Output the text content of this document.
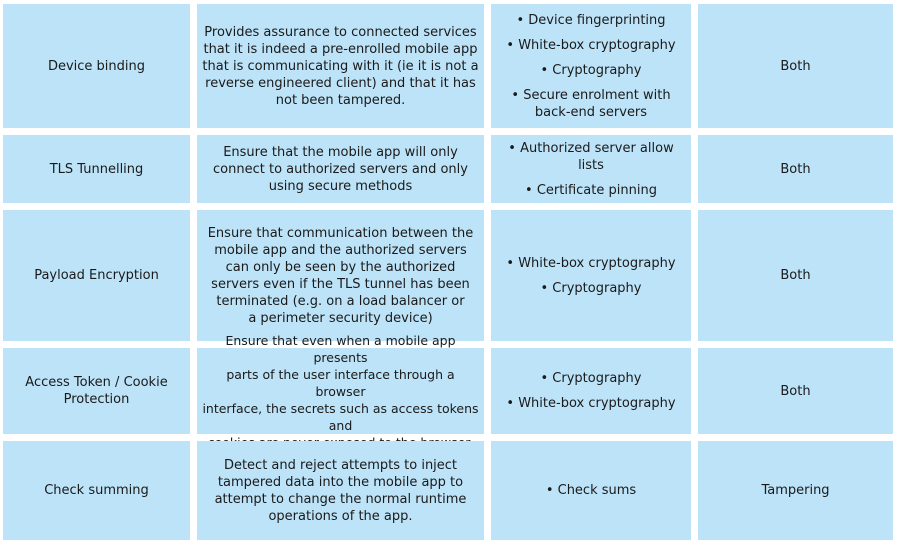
Device binding
Provides assurance to connected services
that it is indeed a pre-enrolled mobile app
that is communicating with it (ie it is not a
reverse engineered client) and that it has
not been tampered.
• Device fingerprinting
• White-box cryptography
• Cryptography
• Secure enrolment with
back-end servers
Both
TLS Tunnelling
Ensure that the mobile app will only
connect to authorized servers and only
using secure methods
• Authorized server allow lists
• Certificate pinning
Both
Payload Encryption
Ensure that communication between the
mobile app and the authorized servers
can only be seen by the authorized
servers even if the TLS tunnel has been
terminated (e.g. on a load balancer or
a perimeter security device)
• White-box cryptography
• Cryptography
Both
Access Token / Cookie
Protection
presents
parts of the user interface through a browser
interface, the secrets such as access tokens and

• Cryptography
• White-box cryptography
Both
Check summing
Detect and reject attempts to inject
tampered data into the mobile app to
attempt to change the normal runtime
operations of the app.
• Check sums	Tampering
